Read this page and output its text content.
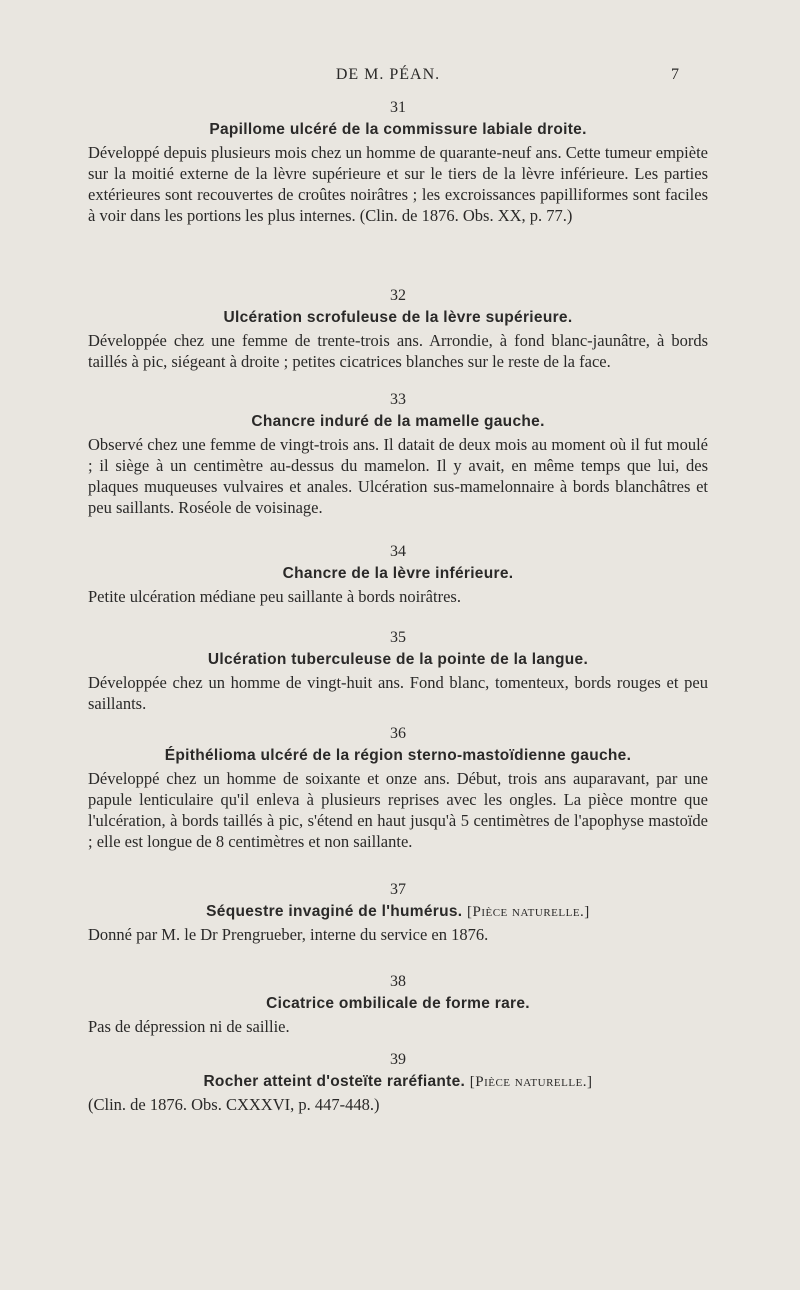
DE M. PÉAN.	7
31
Papillome ulcéré de la commissure labiale droite.

Développé depuis plusieurs mois chez un homme de quarante-neuf ans. Cette tumeur empiète sur la moitié externe de la lèvre supérieure et sur le tiers de la lèvre inférieure. Les parties extérieures sont recouvertes de croûtes noirâtres ; les excroissances papilliformes sont faciles à voir dans les portions les plus internes. (Clin. de 1876. Obs. XX, p. 77.)

32
Ulcération scrofuleuse de la lèvre supérieure.

Développée chez une femme de trente-trois ans. Arrondie, à fond blanc-jaunâtre, à bords taillés à pic, siégeant à droite ; petites cicatrices blanches sur le reste de la face.

33
Chancre induré de la mamelle gauche.

Observé chez une femme de vingt-trois ans. Il datait de deux mois au moment où il fut moulé ; il siège à un centimètre au-dessus du mamelon. Il y avait, en même temps que lui, des plaques muqueuses vulvaires et anales. Ulcération sus-mamelonnaire à bords blanchâtres et peu saillants. Roséole de voisinage.

34
Chancre de la lèvre inférieure.

Petite ulcération médiane peu saillante à bords noirâtres.

35
Ulcération tuberculeuse de la pointe de la langue.

Développée chez un homme de vingt-huit ans. Fond blanc, tomenteux, bords rouges et peu saillants.

36
Épithélioma ulcéré de la région sterno-mastoïdienne gauche.

Développé chez un homme de soixante et onze ans. Début, trois ans auparavant, par une papule lenticulaire qu'il enleva à plusieurs reprises avec les ongles. La pièce montre que l'ulcération, à bords taillés à pic, s'étend en haut jusqu'à 5 centimètres de l'apophyse mastoïde ; elle est longue de 8 centimètres et non saillante.

37
Séquestre invaginé de l'humérus. [Pièce naturelle.]

Donné par M. le Dr Prengrueber, interne du service en 1876.

38
Cicatrice ombilicale de forme rare.

Pas de dépression ni de saillie.

39
Rocher atteint d'osteïte raréfiante. [Pièce naturelle.]

(Clin. de 1876. Obs. CXXXVI, p. 447-448.)
